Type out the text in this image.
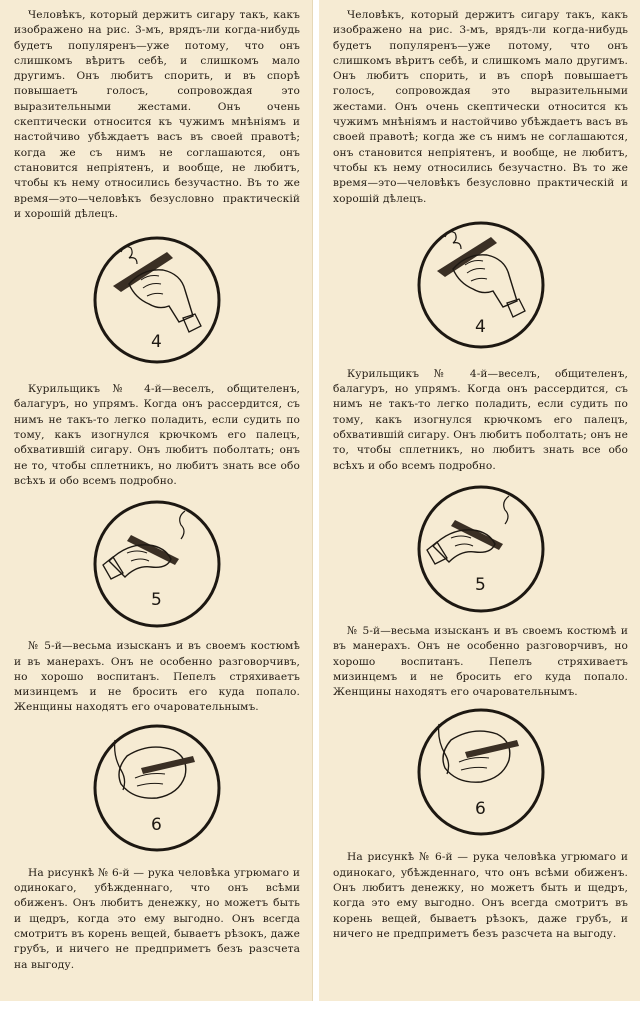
Человѣкъ, который держитъ сигару такъ, какъ изображено на рис. 3-мъ, врядъ-ли когда-нибудь будетъ популяренъ—уже потому, что онъ слишкомъ вѣритъ себѣ, и слишкомъ мало другимъ. Онъ любитъ спорить, и въ спорѣ повышаетъ голосъ, сопровождая это выразительными жестами. Онъ очень скептически относится къ чужимъ мнѣніямъ и настойчиво убѣждаетъ васъ въ своей правотѣ; когда же съ нимъ не соглашаются, онъ становится непріятенъ, и вообще, не любитъ, чтобы къ нему относились безучастно. Въ то же время—это—человѣкъ безусловно практическій и хорошій дѣлецъ.

4

Курильщикъ № 4-й—веселъ, общителенъ, балагуръ, но упрямъ. Когда онъ рассердится, съ нимъ не такъ-то легко поладить, если судить по тому, какъ изогнулся крючкомъ его палецъ, обхватившій сигару. Онъ любитъ поболтать; онъ не то, чтобы сплетникъ, но любитъ знать все обо всѣхъ и обо всемъ подробно.

5

№ 5-й—весьма изысканъ и въ своемъ костюмѣ и въ манерахъ. Онъ не особенно разговорчивъ, но хорошо воспитанъ. Пепелъ стряхиваетъ мизинцемъ и не бросить его куда попало. Женщины находятъ его очаровательнымъ.

6

На рисункѣ № 6-й — рука человѣка угрюмаго и одинокаго, убѣжденнаго, что онъ всѣми обиженъ. Онъ любитъ денежку, но можетъ быть и щедръ, когда это ему выгодно. Онъ всегда смотритъ въ корень вещей, бываетъ рѣзокъ, даже грубъ, и ничего не предприметъ безъ разсчета на выгоду.

Человѣкъ, который держитъ сигару такъ, какъ изображено на рис. 3-мъ, врядъ-ли когда-нибудь будетъ популяренъ—уже потому, что онъ слишкомъ вѣритъ себѣ, и слишкомъ мало другимъ. Онъ любитъ спорить, и въ спорѣ повышаетъ голосъ, сопровождая это выразительными жестами. Онъ очень скептически относится къ чужимъ мнѣніямъ и настойчиво убѣждаетъ васъ въ своей правотѣ; когда же съ нимъ не соглашаются, онъ становится непріятенъ, и вообще, не любитъ, чтобы къ нему относились безучастно. Въ то же время—это—человѣкъ безусловно практическій и хорошій дѣлецъ.

4

Курильщикъ № 4-й—веселъ, общителенъ, балагуръ, но упрямъ. Когда онъ рассердится, съ нимъ не такъ-то легко поладить, если судить по тому, какъ изогнулся крючкомъ его палецъ, обхватившій сигару. Онъ любитъ поболтать; онъ не то, чтобы сплетникъ, но любитъ знать все обо всѣхъ и обо всемъ подробно.

5

№ 5-й—весьма изысканъ и въ своемъ костюмѣ и въ манерахъ. Онъ не особенно разговорчивъ, но хорошо воспитанъ. Пепелъ стряхиваетъ мизинцемъ и не бросить его куда попало. Женщины находятъ его очаровательнымъ.

6

На рисункѣ № 6-й — рука человѣка угрюмаго и одинокаго, убѣжденнаго, что онъ всѣми обиженъ. Онъ любитъ денежку, но можетъ быть и щедръ, когда это ему выгодно. Онъ всегда смотритъ въ корень вещей, бываетъ рѣзокъ, даже грубъ, и ничего не предприметъ безъ разсчета на выгоду.
